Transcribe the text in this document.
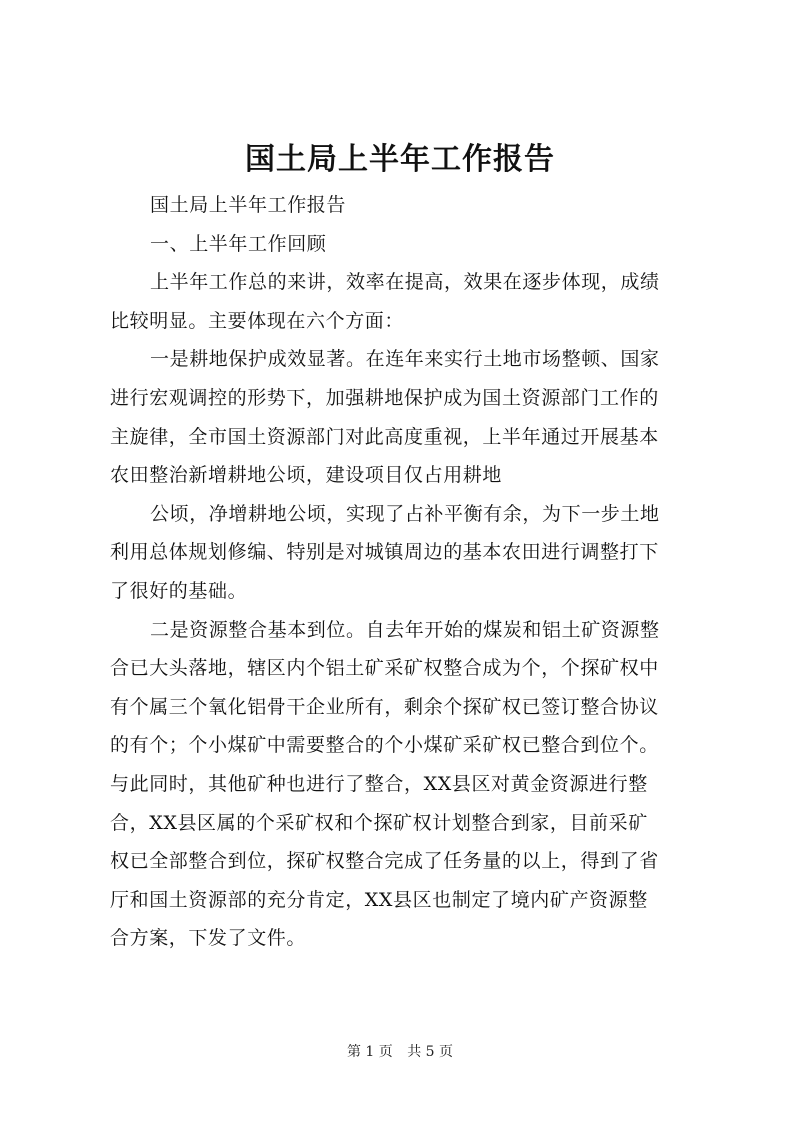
国土局上半年工作报告
国土局上半年工作报告
一、上半年工作回顾
上半年工作总的来讲，效率在提高，效果在逐步体现，成绩
比较明显。主要体现在六个方面：
一是耕地保护成效显著。在连年来实行土地市场整顿、国家
进行宏观调控的形势下，加强耕地保护成为国土资源部门工作的
主旋律，全市国土资源部门对此高度重视，上半年通过开展基本
农田整治新增耕地公顷，建设项目仅占用耕地
公顷，净增耕地公顷，实现了占补平衡有余，为下一步土地
利用总体规划修编、特别是对城镇周边的基本农田进行调整打下
了很好的基础。
二是资源整合基本到位。自去年开始的煤炭和铝土矿资源整
合已大头落地，辖区内个铝土矿采矿权整合成为个，个探矿权中
有个属三个氧化铝骨干企业所有，剩余个探矿权已签订整合协议
的有个；个小煤矿中需要整合的个小煤矿采矿权已整合到位个。
与此同时，其他矿种也进行了整合，XX县区对黄金资源进行整
合，XX县区属的个采矿权和个探矿权计划整合到家，目前采矿
权已全部整合到位，探矿权整合完成了任务量的以上，得到了省
厅和国土资源部的充分肯定，XX县区也制定了境内矿产资源整
合方案，下发了文件。
第 1 页 共 5 页
